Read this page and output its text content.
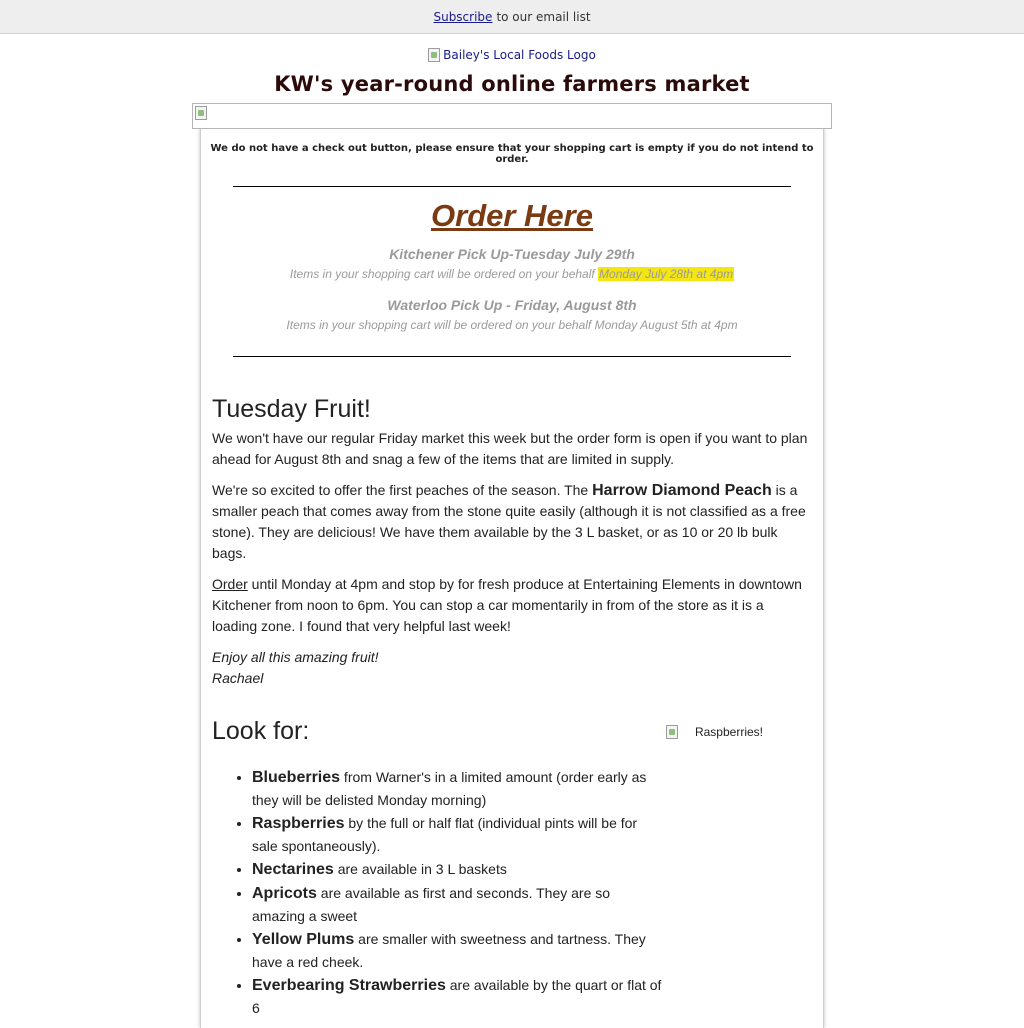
Subscribe to our email list
Bailey's Local Foods Logo
KW's year-round online farmers market
We do not have a check out button, please ensure that your shopping cart is empty if you do not intend to order.
Order Here
Kitchener Pick Up-Tuesday July 29th
Items in your shopping cart will be ordered on your behalf Monday July 28th at 4pm
Waterloo Pick Up - Friday, August 8th
Items in your shopping cart will be ordered on your behalf Monday August 5th at 4pm
Tuesday Fruit!

We won't have our regular Friday market this week but the order form is open if you want to plan ahead for August 8th and snag a few of the items that are limited in supply.

We're so excited to offer the first peaches of the season. The Harrow Diamond Peach is a smaller peach that comes away from the stone quite easily (although it is not classified as a free stone). They are delicious! We have them available by the 3 L basket, or as 10 or 20 lb bulk bags.

Order until Monday at 4pm and stop by for fresh produce at Entertaining Elements in downtown Kitchener from noon to 6pm. You can stop a car momentarily in from of the store as it is a loading zone. I found that very helpful last week!

Enjoy all this amazing fruit!
Rachael

Raspberries!
Look for:
• Blueberries from Warner's in a limited amount (order early as they will be delisted Monday morning)
• Raspberries by the full or half flat (individual pints will be for sale spontaneously).
• Nectarines are available in 3 L baskets
• Apricots are available as first and seconds. They are so amazing a sweet
• Yellow Plums are smaller with sweetness and tartness. They have a red cheek.
• Everbearing Strawberries are available by the quart or flat of 6
